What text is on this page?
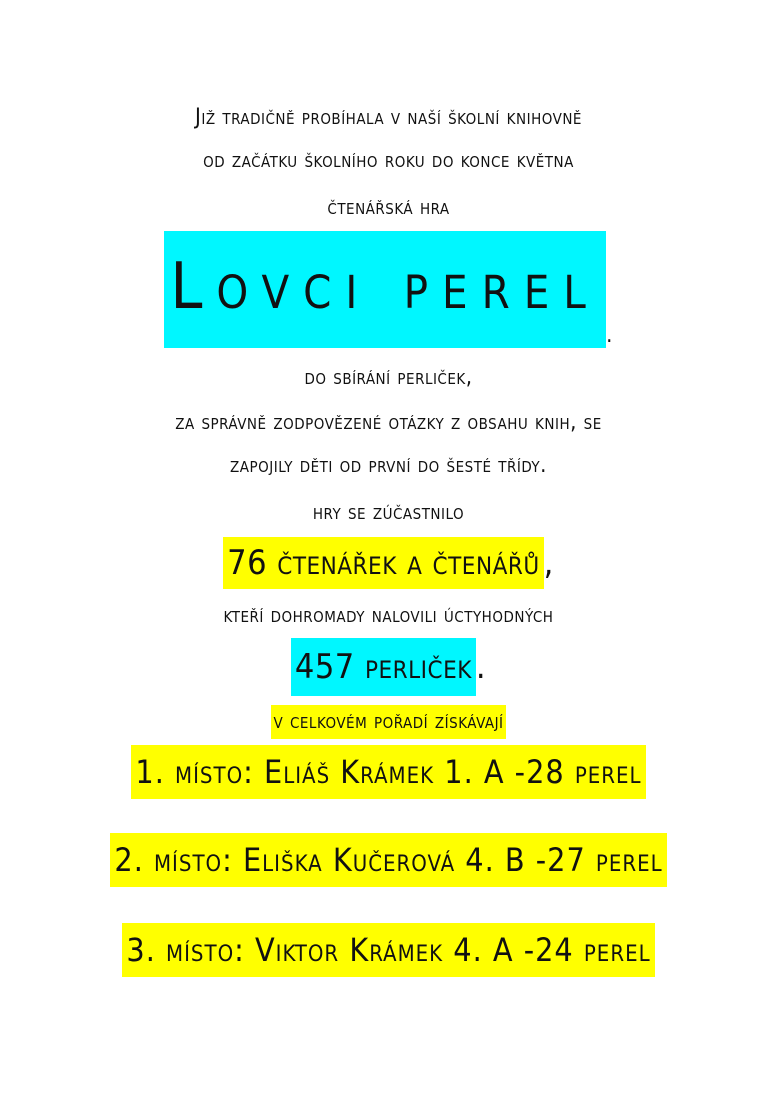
Již tradičně probíhala v naší školní knihovně
od začátku školního roku do konce května
čtenářská hra
Lovci perel.
do sbírání perliček,
za správně zodpovězené otázky z obsahu knih, se
zapojily děti od první do šesté třídy.
hry se zúčastnilo
76 čtenářek a čtenářů ,
kteří dohromady nalovili úctyhodných
457 perliček .
v celkovém pořadí získávají
1. místo: Eliáš Krámek 1. A -28 perel
2. místo: Eliška Kučerová 4. B -27 perel
3. místo: Viktor Krámek 4. A -24 perel
